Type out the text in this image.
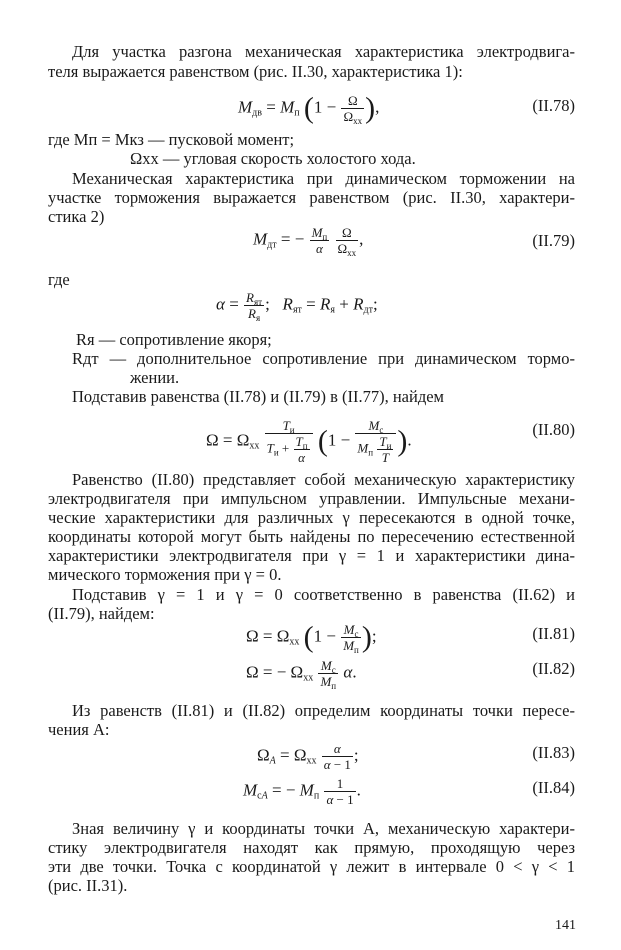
Для участка разгона механическая характеристика электродвига-
теля выражается равенством (рис. II.30, характеристика 1):
$M_{дв} = M_п$ ($1 - \frac{\Omega}{\Omega_{хх}}$ ),	(II.78)
где Mп = Mкз — пусковой момент;
Ωхх — угловая скорость холостого хода.
Механическая характеристика при динамическом торможении на
участке торможения выражается равенством (рис. II.30, характери-
стика 2)
$M_{дт}$ = − $\frac{M_п}{\alpha}$
$\frac{\Omega}{\Omega_{хх}}$ ,	(II.79)
где
$\alpha = \frac{R_{ят}}{R_я}$ ;   $R_{ят} = R_я + R_{дт}$;
Rя — сопротивление якоря;
Rдт — дополнительное сопротивление при динамическом тормо-
жении.
Подставив равенства (II.78) и (II.79) в (II.77), найдем
$\Omega = \Omega_{хх} \frac{T_и}{T_и + \frac{T_п}{\alpha}} (1 - \frac{M_с}{M_п \frac{T_и}{T}}$ ).
(II.80)
Равенство (II.80) представляет собой механическую характеристику
электродвигателя при импульсном управлении. Импульсные механи-
ческие характеристики для различных γ пересекаются в одной точке,
координаты которой могут быть найдены по пересечению естественной
характеристики электродвигателя при γ = 1 и характеристики дина-
мического торможения при γ = 0.
Подставив γ = 1 и γ = 0 соответственно в равенства (II.62) и
(II.79), найдем:
$\Omega = \Omega_{хх}$ ($1 - \frac{M_с}{M_п}$ );	(II.81)
Ω = − $\Omega_{хх} \frac{M_с}{M_п} \alpha$.	(II.82)
Из равенств (II.81) и (II.82) определим координаты точки пересе-
чения A:
$\Omega_A = \Omega_{хх} \frac{\alpha}{\alpha - 1}$ ;	(II.83)
$M_{сA}$ = − $M_п \frac{1}{\alpha - 1}$ .	(II.84)
Зная величину γ и координаты точки A, механическую характери-
стику электродвигателя находят как прямую, проходящую через
эти две точки. Точка с координатой γ лежит в интервале 0 < γ < 1
(рис. II.31).
141
